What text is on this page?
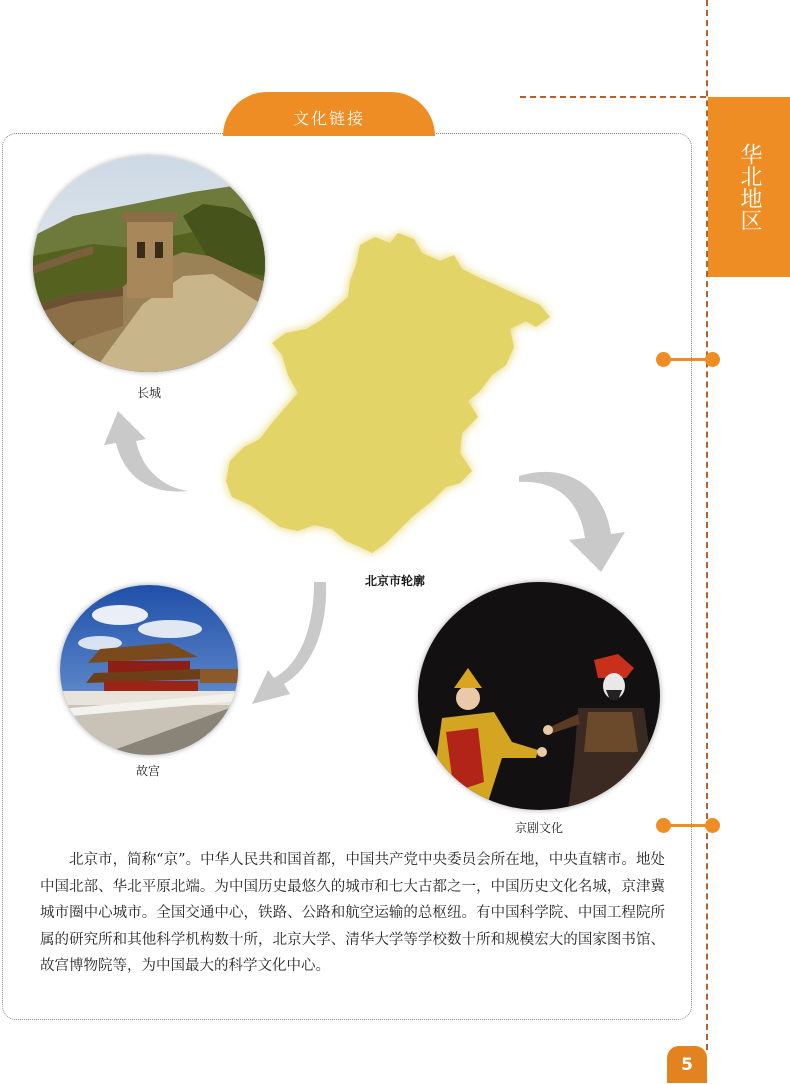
华北地区
文化链接
北京市轮廓
长城
故宫
京剧文化

北京市，简称“京”。中华人民共和国首都，中国共产党中央委员会所在地，中央直辖市。地处中国北部、华北平原北端。为中国历史最悠久的城市和七大古都之一，中国历史文化名城，京津冀城市圈中心城市。全国交通中心，铁路、公路和航空运输的总枢纽。有中国科学院、中国工程院所属的研究所和其他科学机构数十所，北京大学、清华大学等学校数十所和规模宏大的国家图书馆、故宫博物院等，为中国最大的科学文化中心。

5
